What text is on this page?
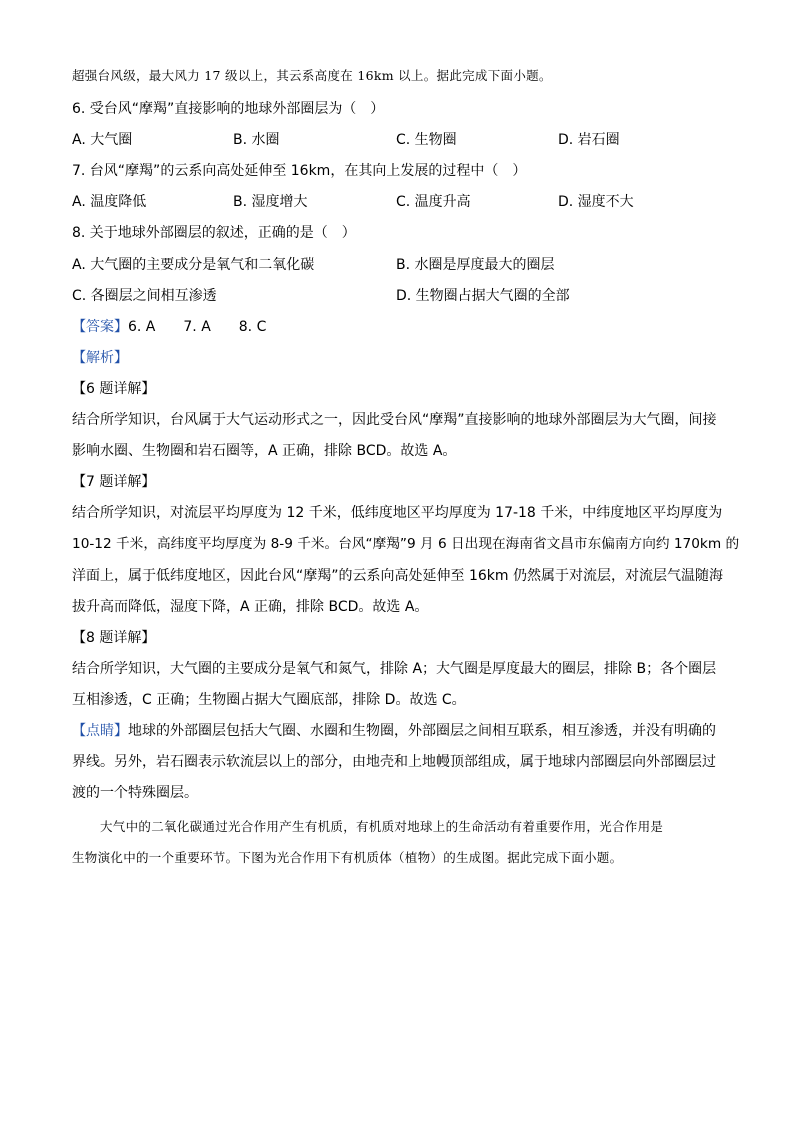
超强台风级，最大风力 17 级以上，其云系高度在 16km 以上。据此完成下面小题。
6. 受台风“摩羯”直接影响的地球外部圈层为（　）
A. 大气圈	B. 水圈	C. 生物圈	D. 岩石圈
7. 台风“摩羯”的云系向高处延伸至 16km，在其向上发展的过程中（　）
A. 温度降低	B. 湿度增大	C. 温度升高	D. 湿度不大
8. 关于地球外部圈层的叙述，正确的是（　）
A. 大气圈的主要成分是氧气和二氧化碳	B. 水圈是厚度最大的圈层
C. 各圈层之间相互渗透	D. 生物圈占据大气圈的全部
【答案】6. A　　7. A　　8. C
【解析】
【6 题详解】
结合所学知识，台风属于大气运动形式之一，因此受台风“摩羯”直接影响的地球外部圈层为大气圈，间接
影响水圈、生物圈和岩石圈等，A 正确，排除 BCD。故选 A。
【7 题详解】
结合所学知识，对流层平均厚度为 12 千米，低纬度地区平均厚度为 17-18 千米，中纬度地区平均厚度为
10-12 千米，高纬度平均厚度为 8-9 千米。台风“摩羯”9 月 6 日出现在海南省文昌市东偏南方向约 170km 的
洋面上，属于低纬度地区，因此台风“摩羯”的云系向高处延伸至 16km 仍然属于对流层，对流层气温随海
拔升高而降低，湿度下降，A 正确，排除 BCD。故选 A。
【8 题详解】
结合所学知识，大气圈的主要成分是氧气和氮气，排除 A；大气圈是厚度最大的圈层，排除 B；各个圈层
互相渗透，C 正确；生物圈占据大气圈底部，排除 D。故选 C。
【点睛】地球的外部圈层包括大气圈、水圈和生物圈，外部圈层之间相互联系，相互渗透，并没有明确的
界线。另外，岩石圈表示软流层以上的部分，由地壳和上地幔顶部组成，属于地球内部圈层向外部圈层过
渡的一个特殊圈层。
大气中的二氧化碳通过光合作用产生有机质，有机质对地球上的生命活动有着重要作用，光合作用是
生物演化中的一个重要环节。下图为光合作用下有机质体（植物）的生成图。据此完成下面小题。
